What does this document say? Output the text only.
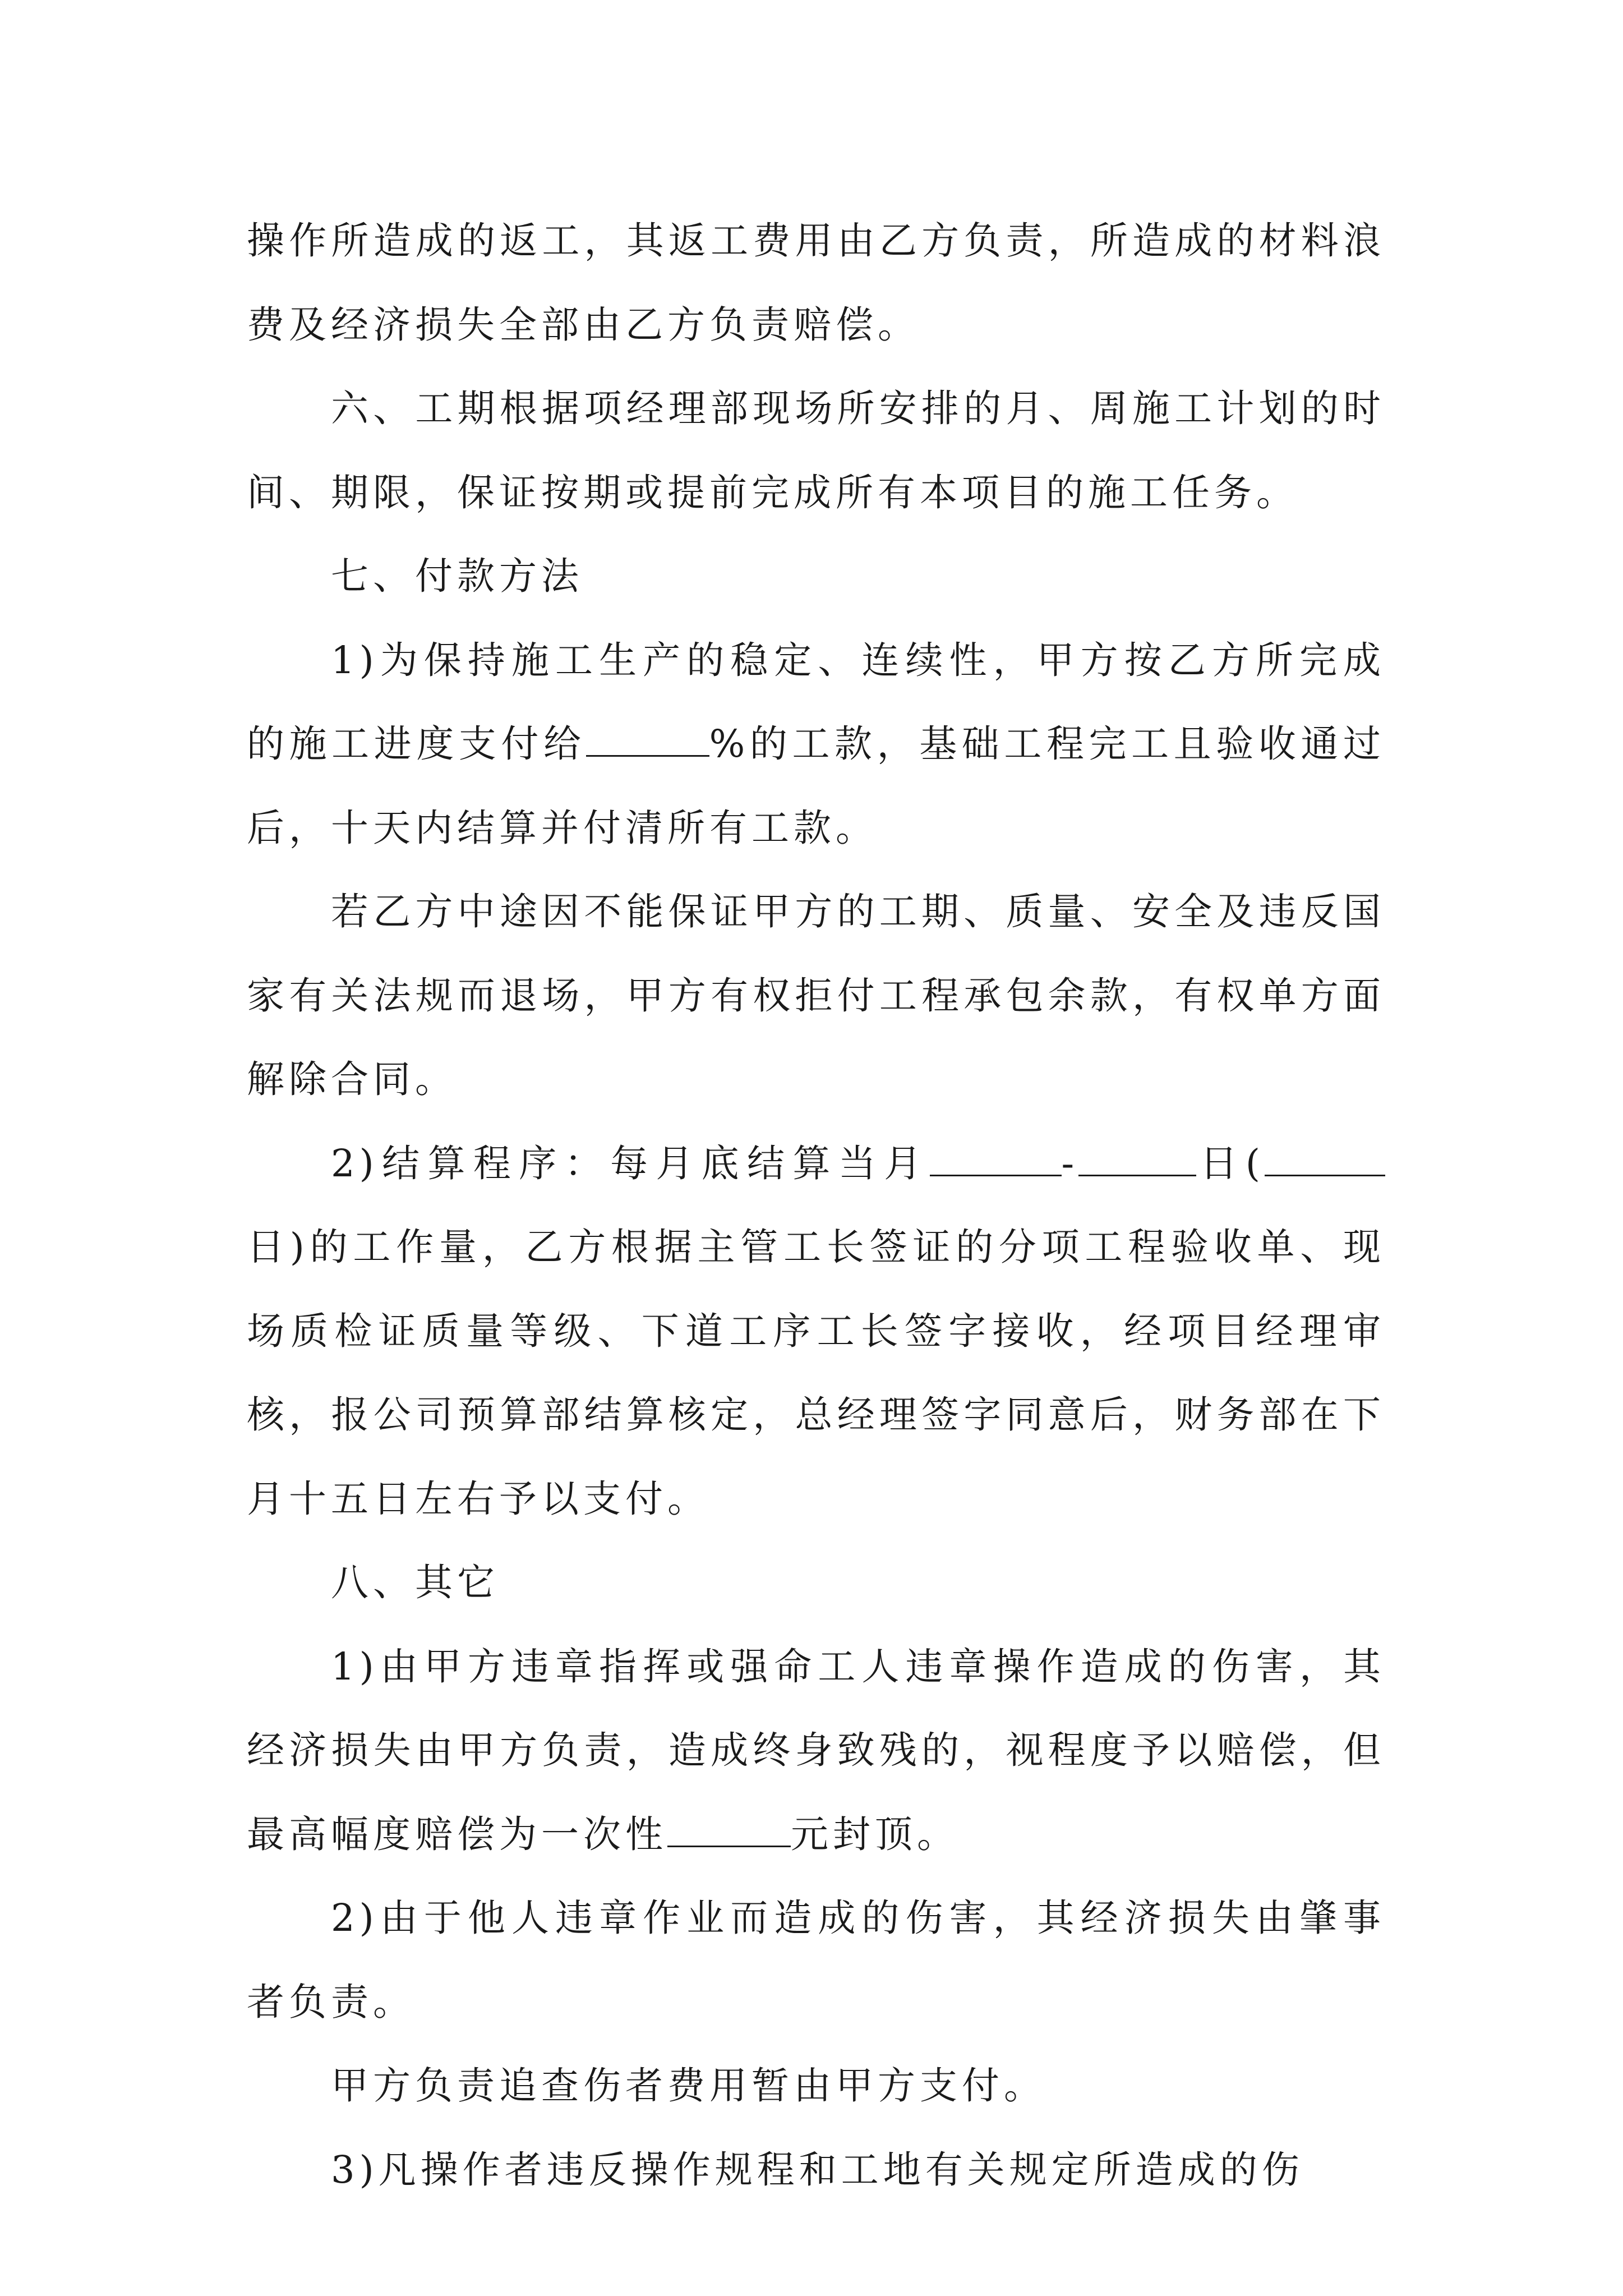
操作所造成的返工，其返工费用由乙方负责，所造成的材料浪费及经济损失全部由乙方负责赔偿。

六、工期根据项经理部现场所安排的月、周施工计划的时间、期限，保证按期或提前完成所有本项目的施工任务。

七、付款方法

1)为保持施工生产的稳定、连续性，甲方按乙方所完成的施工进度支付给	%的工款，基础工程完工且验收通过后，十天内结算并付清所有工款。

若乙方中途因不能保证甲方的工期、质量、安全及违反国家有关法规而退场，甲方有权拒付工程承包余款，有权单方面解除合同。

2)结算程序：每月底结算当月	-	日(日)的工作量，乙方根据主管工长签证的分项工程验收单、现场质检证质量等级、下道工序工长签字接收，经项目经理审核，报公司预算部结算核定，总经理签字同意后，财务部在下月十五日左右予以支付。

八、其它

1)由甲方违章指挥或强命工人违章操作造成的伤害，其经济损失由甲方负责，造成终身致残的，视程度予以赔偿，但最高幅度赔偿为一次性	元封顶。

2)由于他人违章作业而造成的伤害，其经济损失由肇事者负责。

甲方负责追查伤者费用暂由甲方支付。

3)凡操作者违反操作规程和工地有关规定所造成的伤
